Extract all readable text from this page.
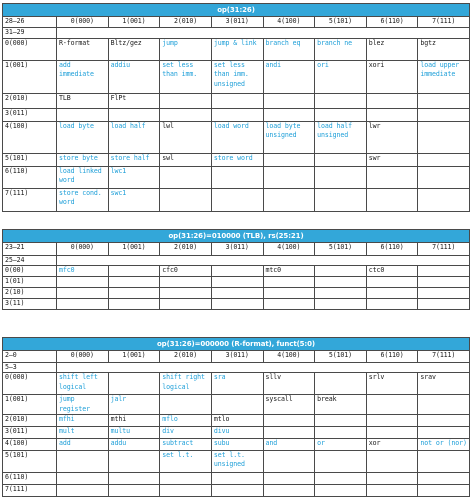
op(31:26)								
28–26	0(000)	1(001)	2(010)	3(011)	4(100)	5(101)	6(110)	7(111)
31–29								
0(000)	R-format	Bltz/gez	jump	jump & link	branch eq	branch ne	blez	bgtz
1(001)	add immediate	addiu	set less than imm.	set less than imm. unsigned	andi	ori	xori	load upper immediate
2(010)	TLB	FlPt						
3(011)								
4(100)	load byte	load half	lwl	load word	load byte unsigned	load half unsigned	lwr	
5(101)	store byte	store half	swl	store word			swr	
6(110)	load linked word	lwc1						
7(111)	store cond. word	swc1						
op(31:26)=010000 (TLB), rs(25:21)								
23–21	0(000)	1(001)	2(010)	3(011)	4(100)	5(101)	6(110)	7(111)
25–24								
0(00)	mfc0		cfc0		mtc0		ctc0	
1(01)								
2(10)								
3(11)								
op(31:26)=000000 (R-format), funct(5:0)								
2–0	0(000)	1(001)	2(010)	3(011)	4(100)	5(101)	6(110)	7(111)
5–3								
0(000)	shift left logical		shift right logical	sra	sllv		srlv	srav
1(001)	jump register	jalr			syscall	break		
2(010)	mfhi	mthi	mflo	mtlo				
3(011)	mult	multu	div	divu				
4(100)	add	addu	subtract	subu	and	or	xor	not or (nor)
5(101)			set l.t.	set l.t. unsigned				
6(110)								
7(111)								
